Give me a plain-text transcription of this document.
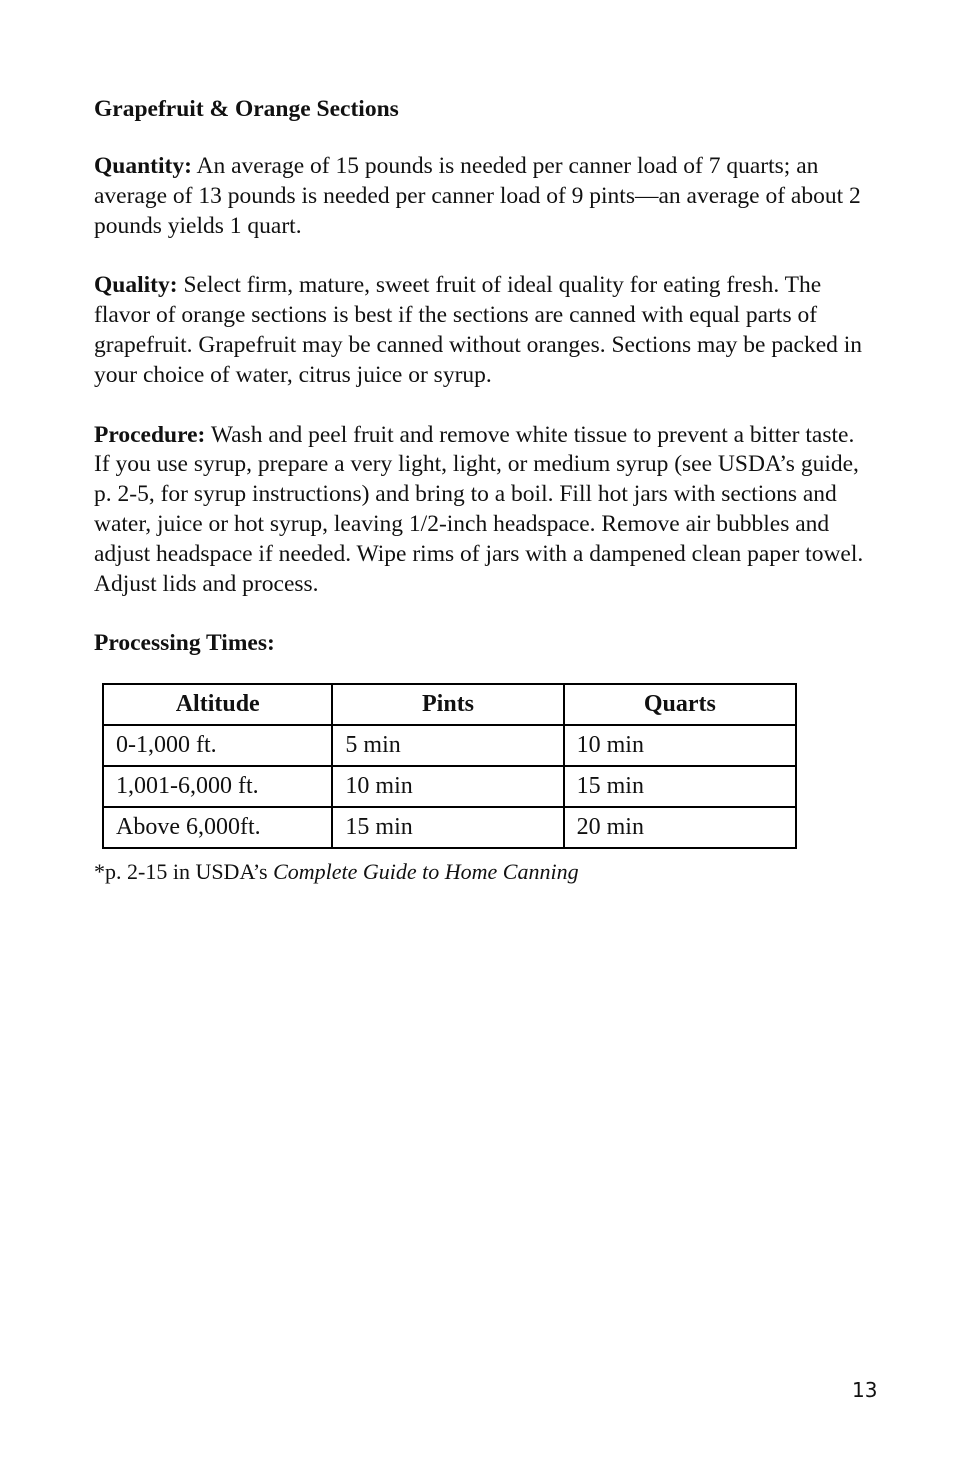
Grapefruit & Orange Sections

Quantity: An average of 15 pounds is needed per canner load of 7 quarts; an average of 13 pounds is needed per canner load of 9 pints—an average of about 2 pounds yields 1 quart.

Quality: Select firm, mature, sweet fruit of ideal quality for eating fresh. The flavor of orange sections is best if the sections are canned with equal parts of grapefruit. Grapefruit may be canned without oranges. Sections may be packed in your choice of water, citrus juice or syrup.

Procedure: Wash and peel fruit and remove white tissue to prevent a bitter taste. If you use syrup, prepare a very light, light, or medium syrup (see USDA’s guide, p. 2-5, for syrup instructions) and bring to a boil. Fill hot jars with sections and water, juice or hot syrup, leaving 1/2-inch headspace. Remove air bubbles and adjust headspace if needed. Wipe rims of jars with a dampened clean paper towel. Adjust lids and process.

Processing Times:
Altitude	Pints	Quarts
0-1,000 ft.	5 min	10 min
1,001-6,000 ft.	10 min	15 min
Above 6,000ft.	15 min	20 min
*p. 2-15 in USDA’s Complete Guide to Home Canning
13
